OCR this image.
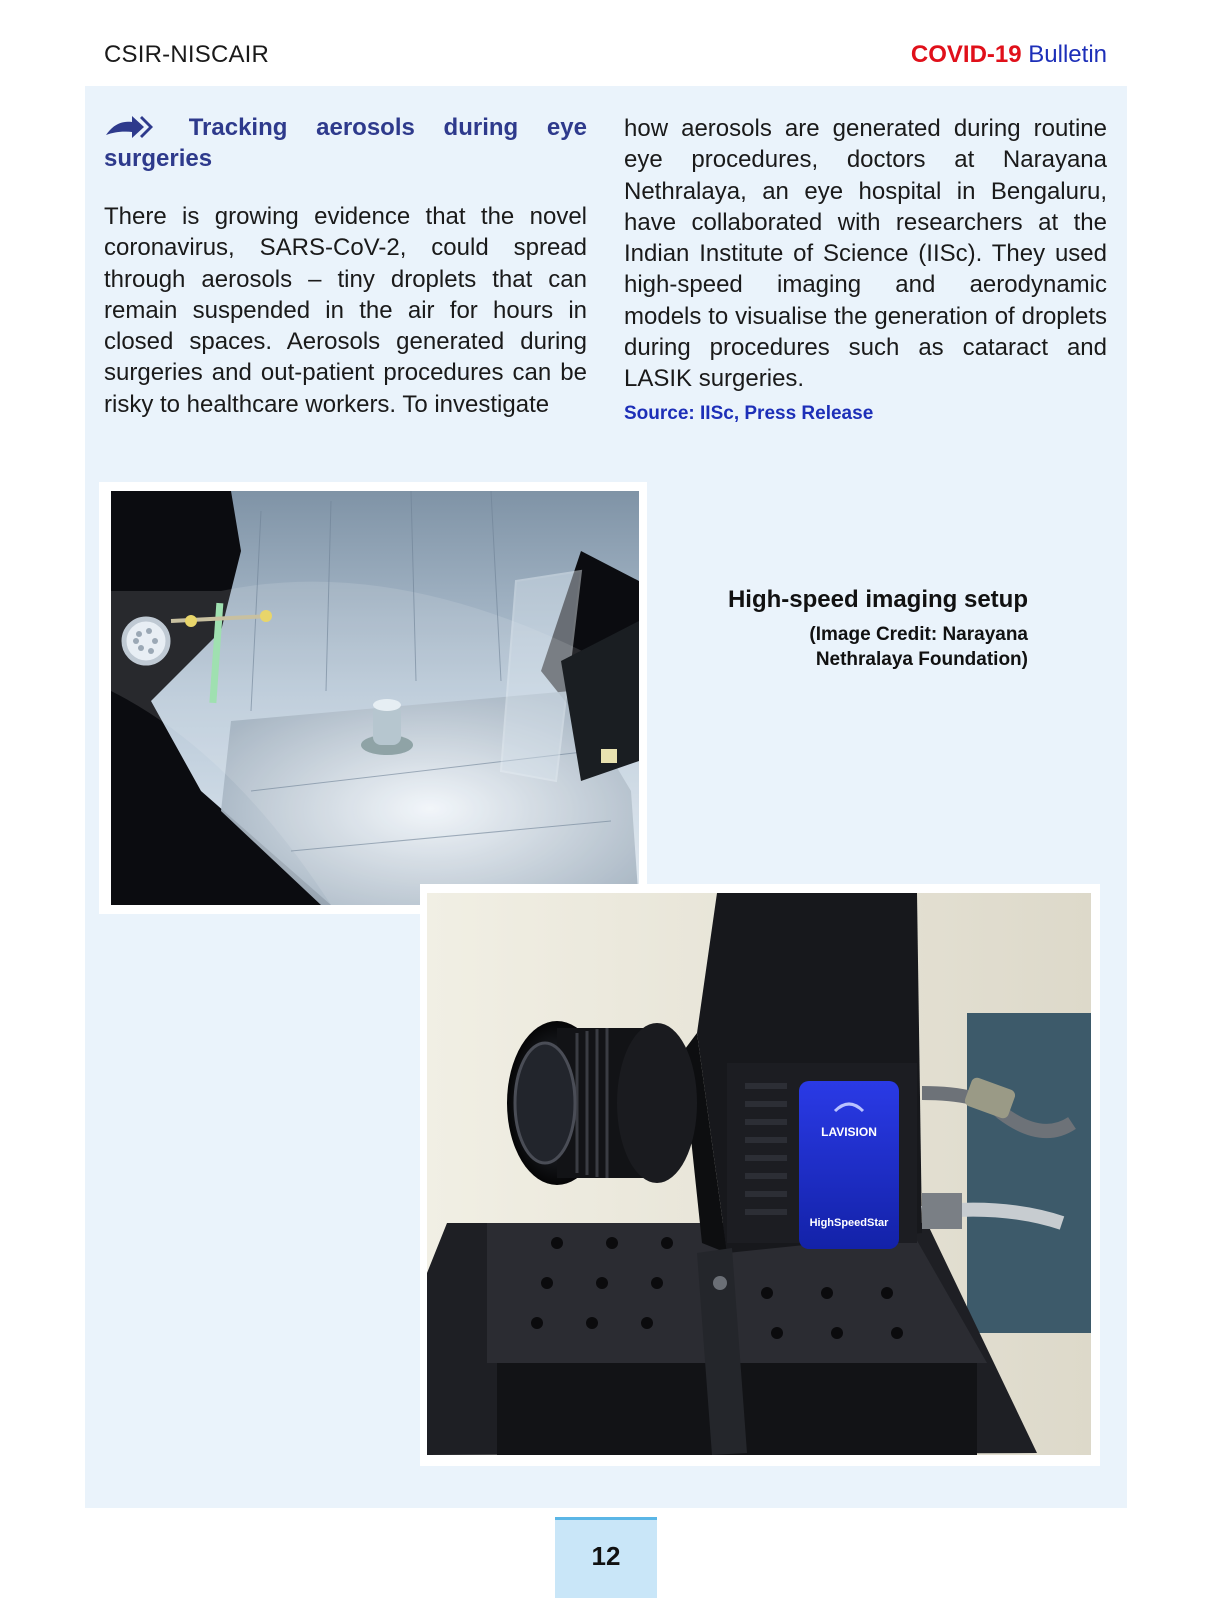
CSIR-NISCAIR	COVID-19 Bulletin
Tracking aerosols during eye
surgeries
There is growing evidence that the novel coronavirus, SARS-CoV-2, could spread through aerosols – tiny droplets that can remain suspended in the air for hours in closed spaces. Aerosols generated during surgeries and out-patient procedures can be risky to healthcare workers. To investigate
how aerosols are generated during routine eye procedures, doctors at Narayana Nethralaya, an eye hospital in Bengaluru, have collaborated with researchers at the Indian Institute of Science (IISc). They used high-speed imaging and aerodynamic models to visualise the generation of droplets during procedures such as cataract and LASIK surgeries.
Source: IISc, Press Release
High-speed imaging setup
(Image Credit: Narayana
Nethralaya Foundation)
LAVISION
HighSpeedStar
12
